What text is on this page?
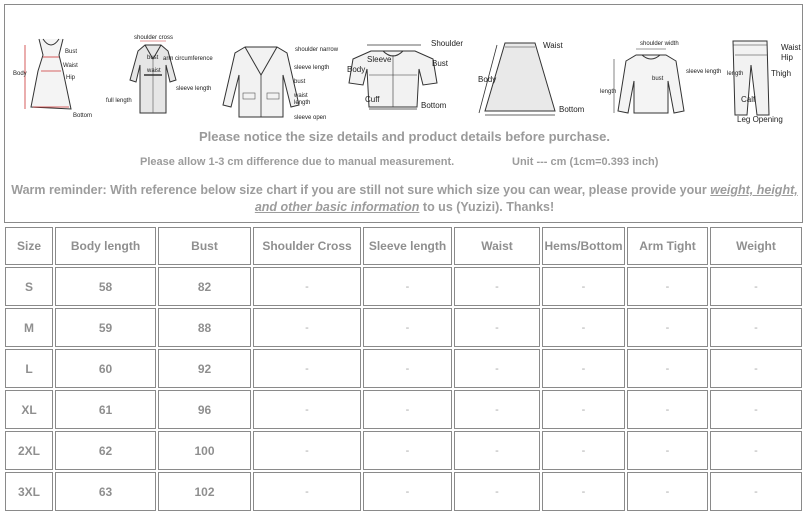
Bust
Waist
Hip
Body
Bottom
shoulder cross
bust arm circumference
waist
sleeve length
full length
shoulder narrow
sleeve length
bust
waist length
sleeve open
Shoulder
Sleeve	Bust
Body
Cuff
Bottom
Waist
Body
Bottom
shoulder width
sleeve length
bust
length
Waist
Hip
length	Thigh
Calf
Leg Opening
Please notice the size details and product details before purchase.
Please allow 1-3 cm difference due to manual measurement.	Unit --- cm (1cm=0.393 inch)
Warm reminder: With reference below size chart if you are still not sure which size you can wear, please provide your weight, height, and other basic information to us (Yuzizi). Thanks!
Size	Body length	Bust	Shoulder Cross	Sleeve length	Waist	Hems/Bottom	Arm Tight	Weight
S	58	82	-	-	-	-	-	-
M	59	88	-	-	-	-	-	-
L	60	92	-	-	-	-	-	-
XL	61	96	-	-	-	-	-	-
2XL	62	100	-	-	-	-	-	-
3XL	63	102	-	-	-	-	-	-
